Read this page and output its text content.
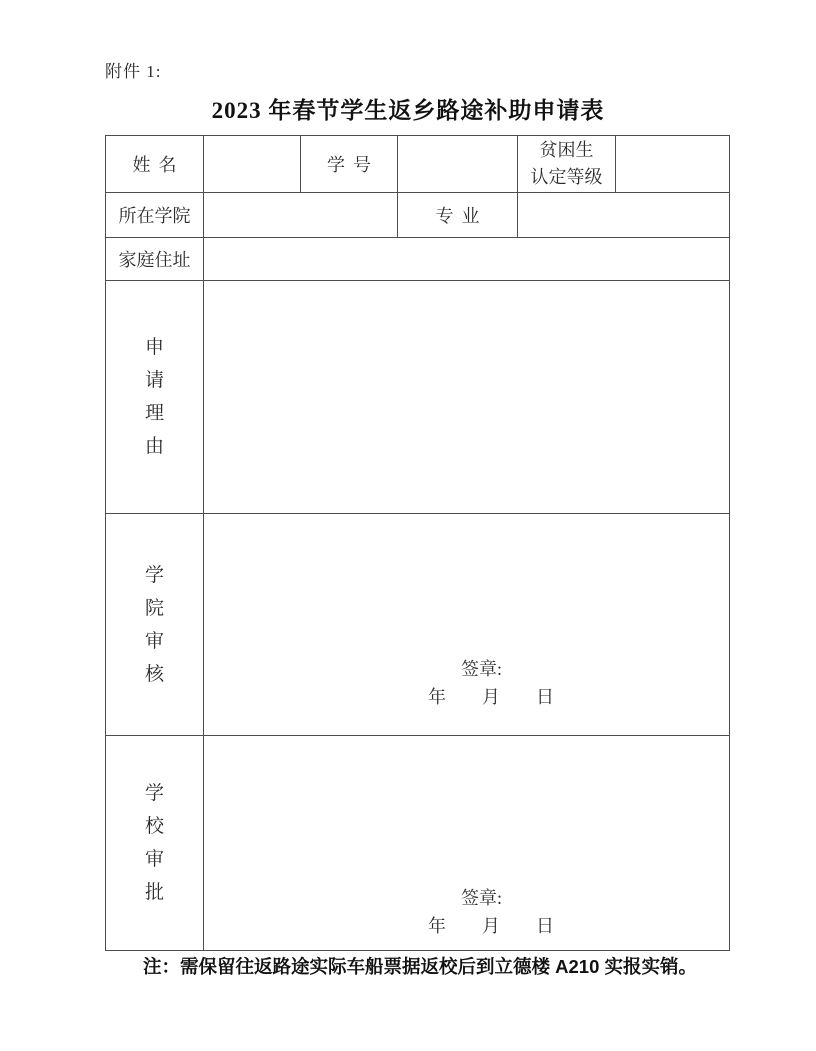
附件 1:
2023 年春节学生返乡路途补助申请表
姓名		学号		贫困生
认定等级	
所在学院			专业		
家庭住址					

申
请
理
由					

学
院
审
核	签章:
年　　月　　日

学
校
审
批	签章:
年　　月　　日
注：需保留往返路途实际车船票据返校后到立德楼 A210 实报实销。
